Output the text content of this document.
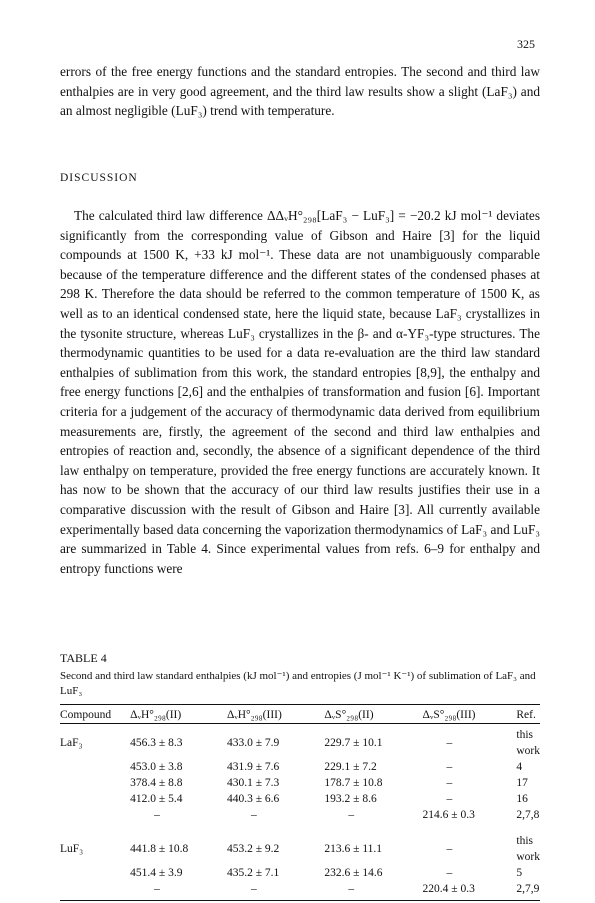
325

errors of the free energy functions and the standard entropies. The second and third law enthalpies are in very good agreement, and the third law results show a slight (LaF₃) and an almost negligible (LuF₃) trend with temperature.

DISCUSSION

The calculated third law difference ΔΔᵥH°₂₉₈[LaF₃ − LuF₃] = −20.2 kJ mol⁻¹ deviates significantly from the corresponding value of Gibson and Haire [3] for the liquid compounds at 1500 K, +33 kJ mol⁻¹. These data are not unambiguously comparable because of the temperature difference and the different states of the condensed phases at 298 K. Therefore the data should be referred to the common temperature of 1500 K, as well as to an identical condensed state, here the liquid state, because LaF₃ crystallizes in the tysonite structure, whereas LuF₃ crystallizes in the β- and α-YF₃-type structures. The thermodynamic quantities to be used for a data re-evaluation are the third law standard enthalpies of sublimation from this work, the standard entropies [8,9], the enthalpy and free energy functions [2,6] and the enthalpies of transformation and fusion [6]. Important criteria for a judgement of the accuracy of thermodynamic data derived from equilibrium measurements are, firstly, the agreement of the second and third law enthalpies and entropies of reaction and, secondly, the absence of a significant dependence of the third law enthalpy on temperature, provided the free energy functions are accurately known. It has now to be shown that the accuracy of our third law results justifies their use in a comparative discussion with the result of Gibson and Haire [3]. All currently available experimentally based data concerning the vaporization thermodynamics of LaF₃ and LuF₃ are summarized in Table 4. Since experimental values from refs. 6–9 for enthalpy and entropy functions were

TABLE 4

Second and third law standard enthalpies (kJ mol⁻¹) and entropies (J mol⁻¹ K⁻¹) of sublimation of LaF₃ and LuF₃

Compound	ΔᵥH°₂₉₈(II)	ΔᵥH°₂₉₈(III)	ΔᵥS°₂₉₈(II)	ΔᵥS°₂₉₈(III)	Ref.
LaF₃	456.3 ± 8.3	433.0 ± 7.9	229.7 ± 10.1	–	this work
	453.0 ± 3.8	431.9 ± 7.6	229.1 ± 7.2	–	4
	378.4 ± 8.8	430.1 ± 7.3	178.7 ± 10.8	–	17
	412.0 ± 5.4	440.3 ± 6.6	193.2 ± 8.6	–	16
	–	–	–	214.6 ± 0.3	2,7,8

LuF₃	441.8 ± 10.8	453.2 ± 9.2	213.6 ± 11.1	–	this work
	451.4 ± 3.9	435.2 ± 7.1	232.6 ± 14.6	–	5
	–	–	–	220.4 ± 0.3	2,7,9
